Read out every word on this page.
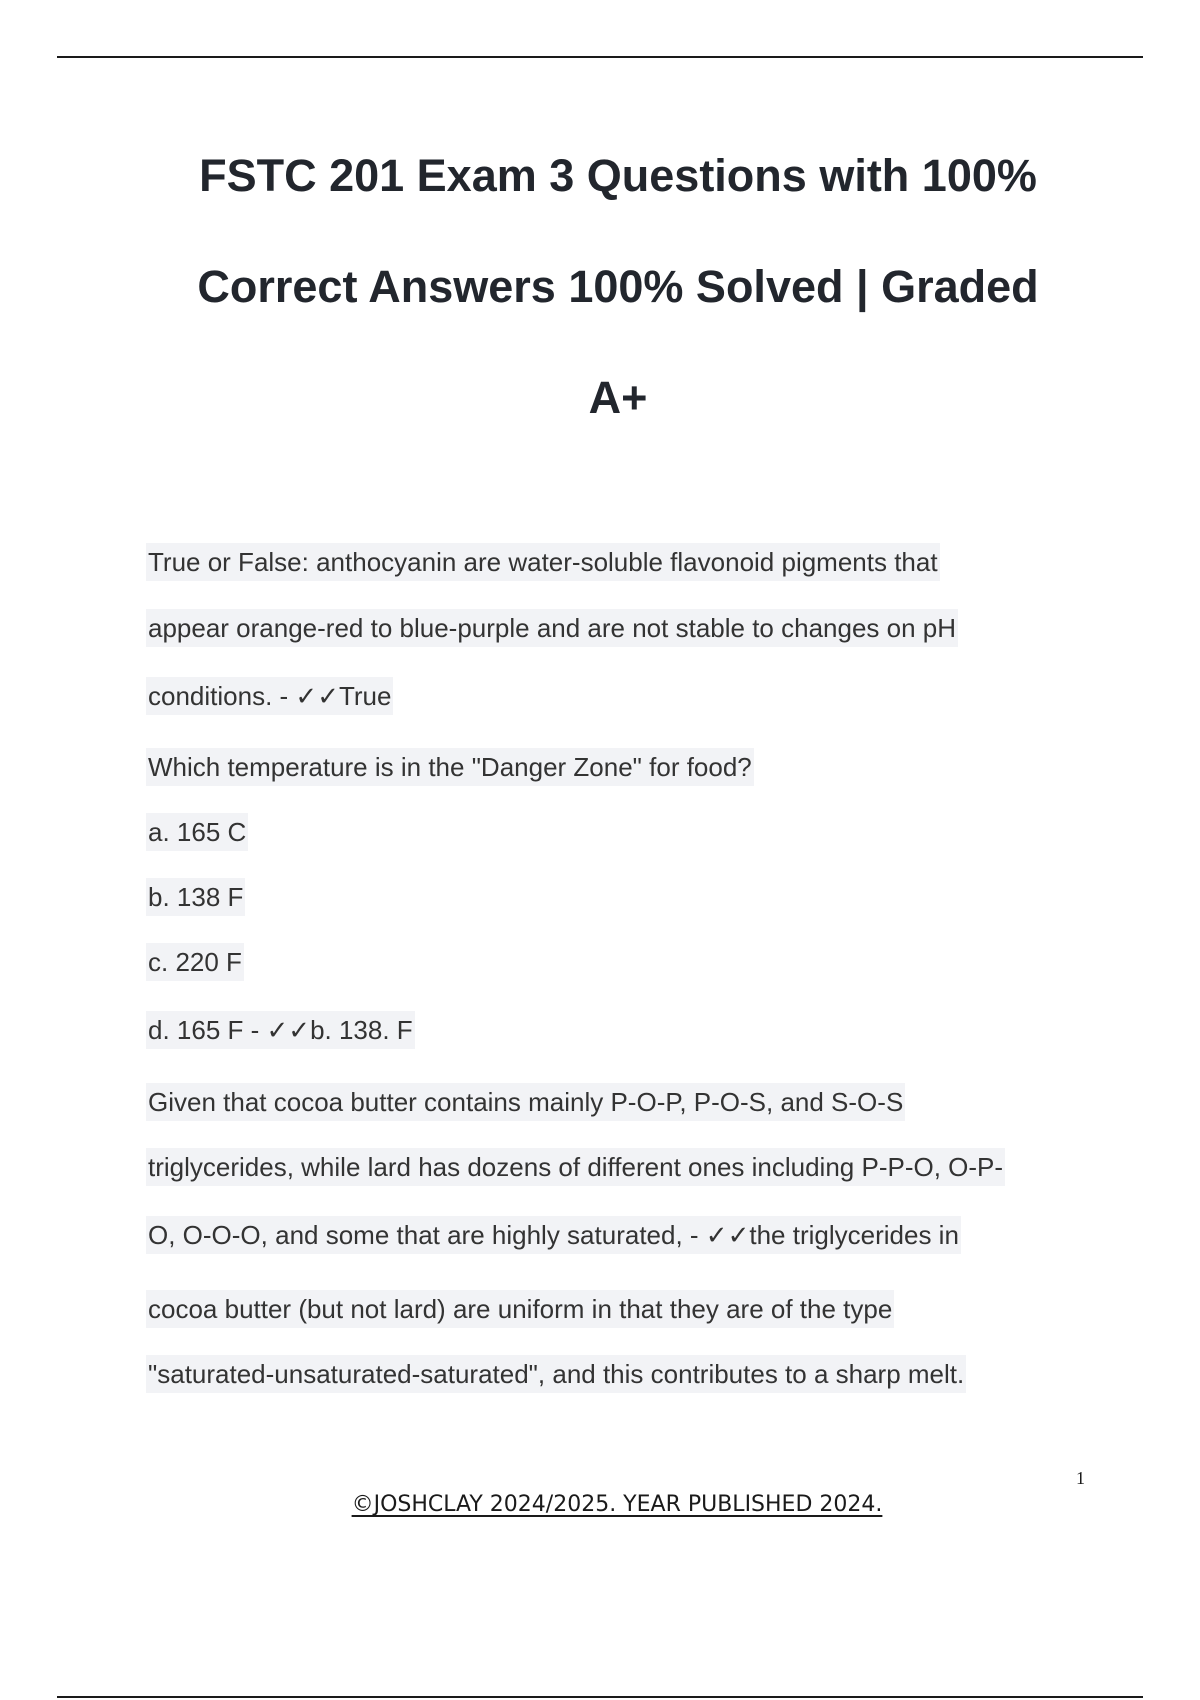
FSTC 201 Exam 3 Questions with 100%
Correct Answers 100% Solved | Graded
A+
True or False: anthocyanin are water-soluble flavonoid pigments that
appear orange-red to blue-purple and are not stable to changes on pH
conditions. - ✓✓True
Which temperature is in the "Danger Zone" for food?
a. 165 C
b. 138 F
c. 220 F
d. 165 F - ✓✓b. 138. F
Given that cocoa butter contains mainly P-O-P, P-O-S, and S-O-S
triglycerides, while lard has dozens of different ones including P-P-O, O-P-
O, O-O-O, and some that are highly saturated, - ✓✓the triglycerides in
cocoa butter (but not lard) are uniform in that they are of the type
"saturated-unsaturated-saturated", and this contributes to a sharp melt.
1
©JOSHCLAY 2024/2025. YEAR PUBLISHED 2024.
